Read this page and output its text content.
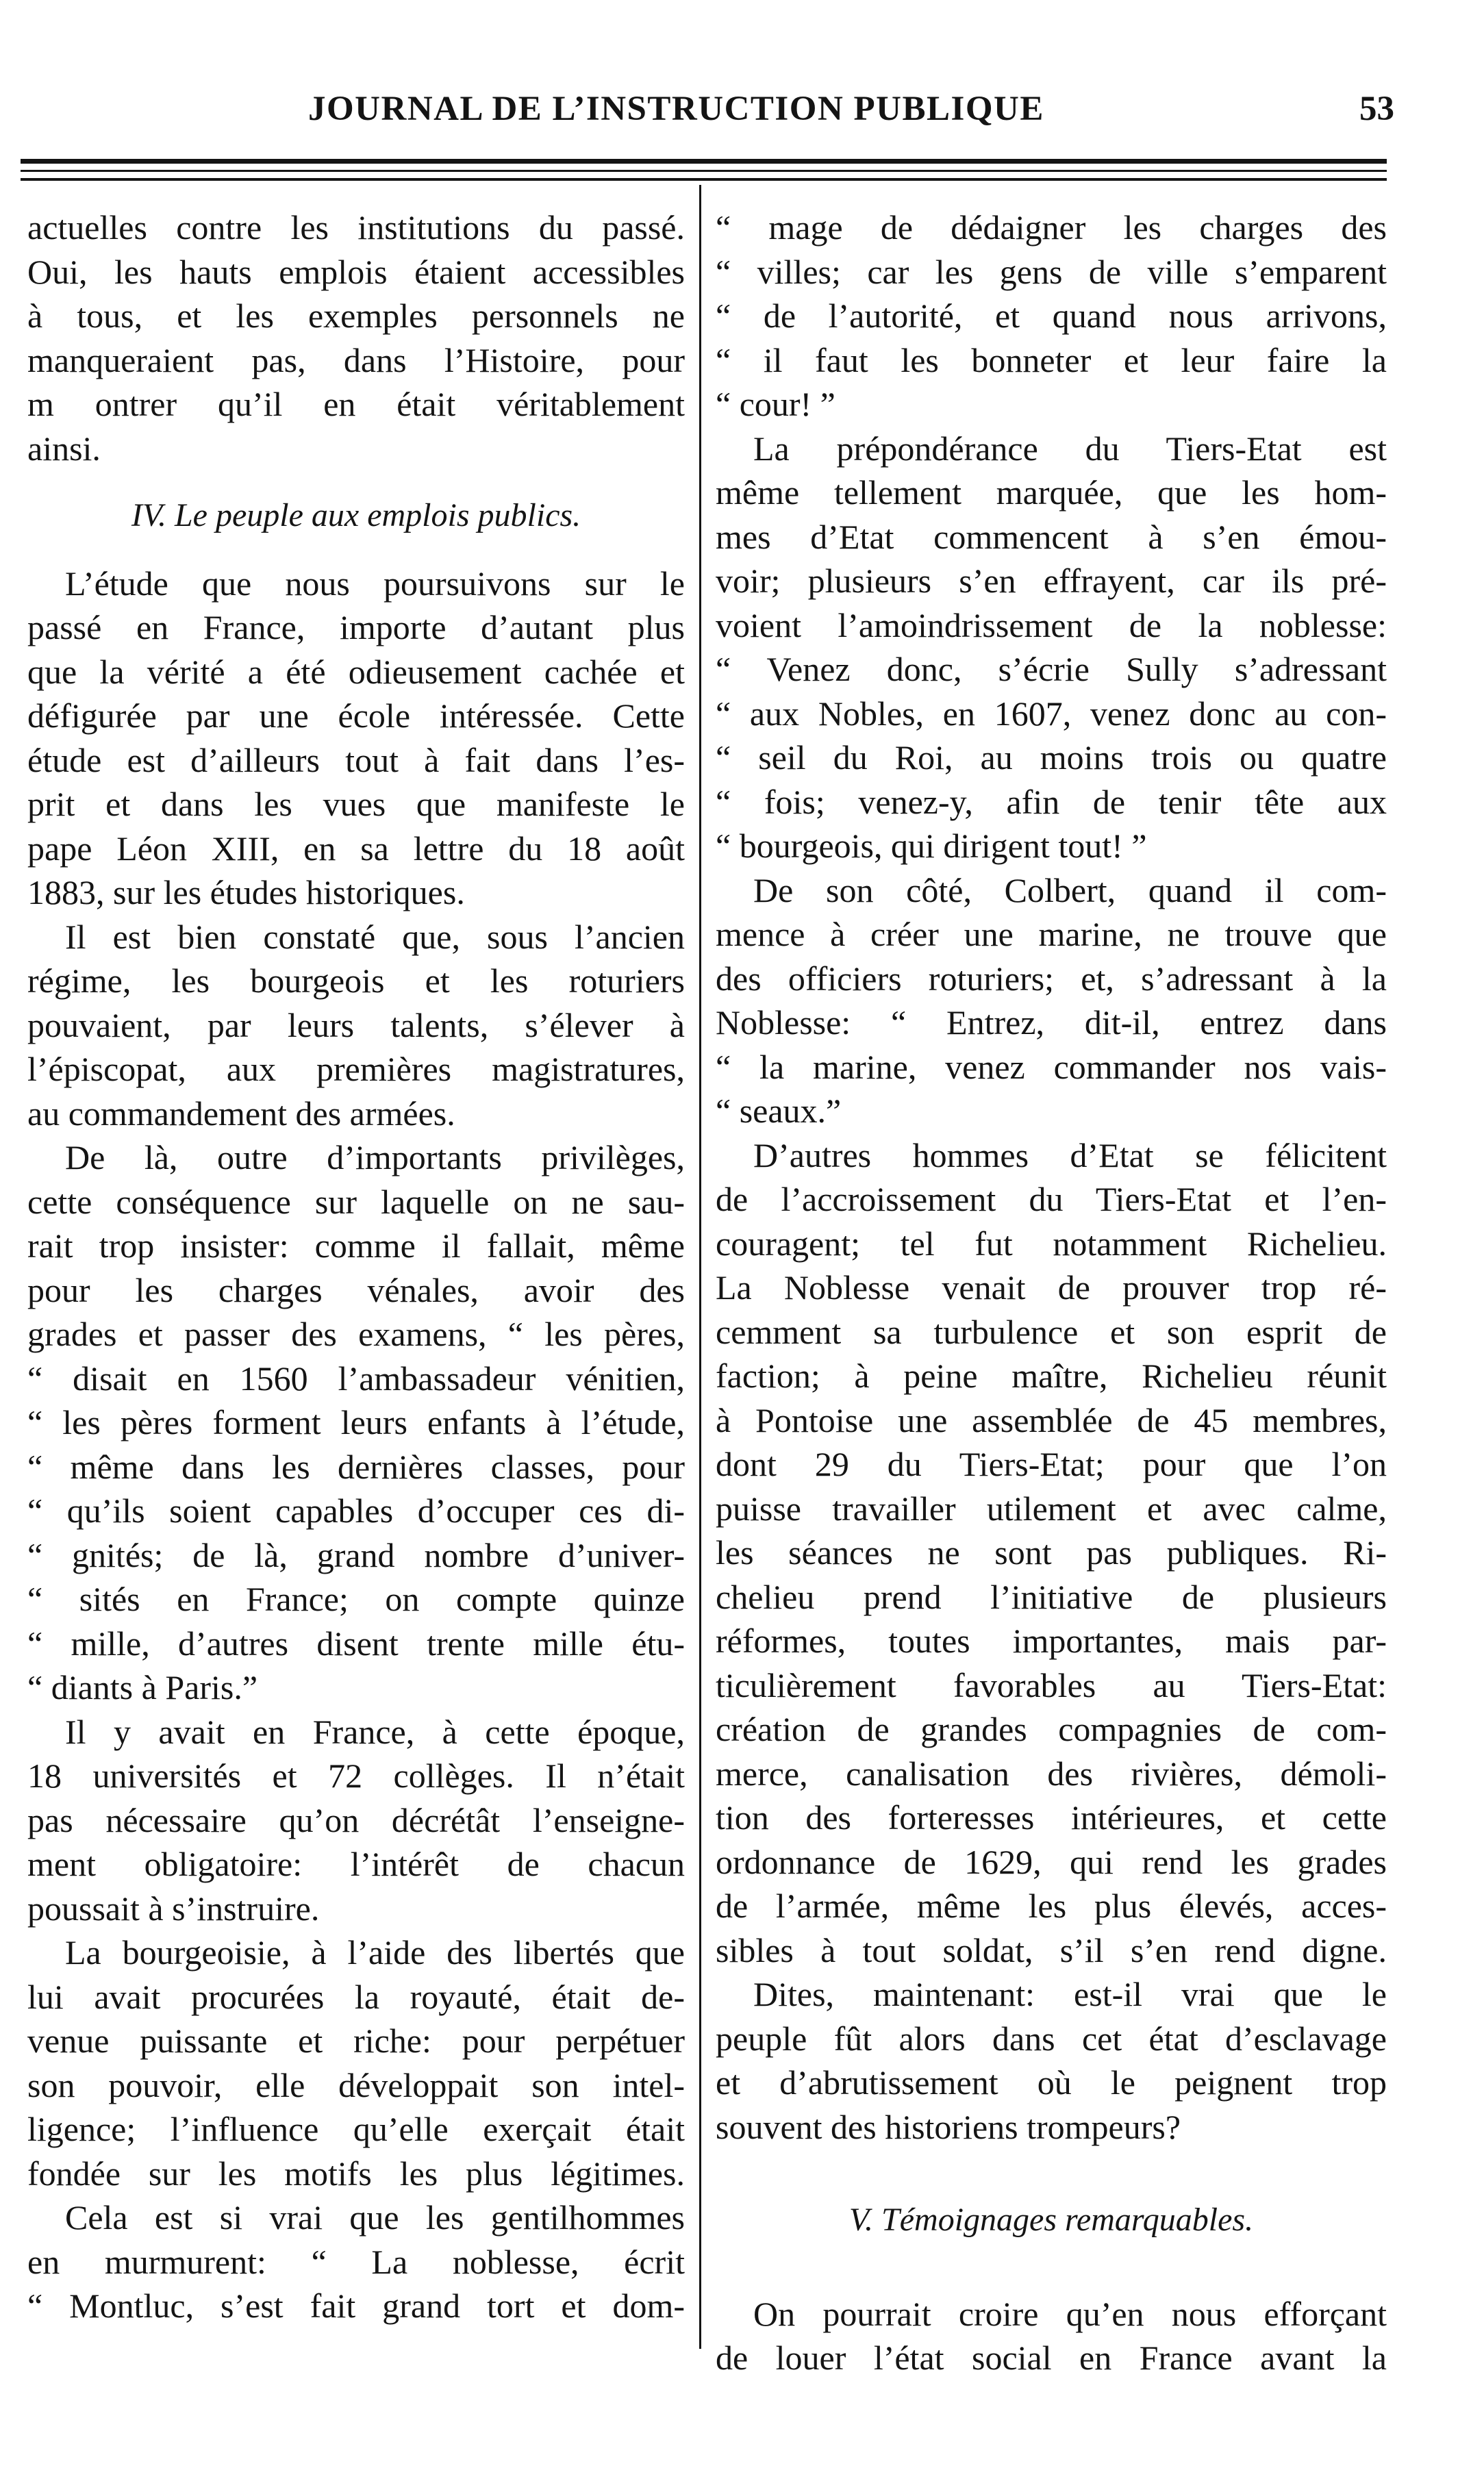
JOURNAL DE L’INSTRUCTION PUBLIQUE	53
actuelles contre les institutions du passé.
Oui, les hauts emplois étaient accessibles
à tous, et les exemples personnels ne
manqueraient pas, dans l’Histoire, pour
m ontrer qu’il en était véritablement
ainsi.
IV. Le peuple aux emplois publics.
L’étude que nous poursuivons sur le
passé en France, importe d’autant plus
que la vérité a été odieusement cachée et
défigurée par une école intéressée. Cette
étude est d’ailleurs tout à fait dans l’es-
prit et dans les vues que manifeste le
pape Léon XIII, en sa lettre du 18 août
1883, sur les études historiques.
Il est bien constaté que, sous l’ancien
régime, les bourgeois et les roturiers
pouvaient, par leurs talents, s’élever à
l’épiscopat, aux premières magistratures,
au commandement des armées.
De là, outre d’importants privilèges,
cette conséquence sur laquelle on ne sau-
rait trop insister: comme il fallait, même
pour les charges vénales, avoir des
grades et passer des examens, “ les pères,
“ disait en 1560 l’ambassadeur vénitien,
“ les pères forment leurs enfants à l’étude,
“ même dans les dernières classes, pour
“ qu’ils soient capables d’occuper ces di-
“ gnités; de là, grand nombre d’univer-
“ sités en France; on compte quinze
“ mille, d’autres disent trente mille étu-
“ diants à Paris.”
Il y avait en France, à cette époque,
18 universités et 72 collèges. Il n’était
pas nécessaire qu’on décrétât l’enseigne-
ment obligatoire: l’intérêt de chacun
poussait à s’instruire.
La bourgeoisie, à l’aide des libertés que
lui avait procurées la royauté, était de-
venue puissante et riche: pour perpétuer
son pouvoir, elle développait son intel-
ligence; l’influence qu’elle exerçait était
fondée sur les motifs les plus légitimes.
Cela est si vrai que les gentilhommes
en murmurent: “ La noblesse, écrit
“ Montluc, s’est fait grand tort et dom-
“ mage de dédaigner les charges des
“ villes; car les gens de ville s’emparent
“ de l’autorité, et quand nous arrivons,
“ il faut les bonneter et leur faire la
“ cour! ”
La prépondérance du Tiers-Etat est
même tellement marquée, que les hom-
mes d’Etat commencent à s’en émou-
voir; plusieurs s’en effrayent, car ils pré-
voient l’amoindrissement de la noblesse:
“ Venez donc, s’écrie Sully s’adressant
“ aux Nobles, en 1607, venez donc au con-
“ seil du Roi, au moins trois ou quatre
“ fois; venez-y, afin de tenir tête aux
“ bourgeois, qui dirigent tout! ”
De son côté, Colbert, quand il com-
mence à créer une marine, ne trouve que
des officiers roturiers; et, s’adressant à la
Noblesse: “ Entrez, dit-il, entrez dans
“ la marine, venez commander nos vais-
“ seaux.”
D’autres hommes d’Etat se félicitent
de l’accroissement du Tiers-Etat et l’en-
couragent; tel fut notamment Richelieu.
La Noblesse venait de prouver trop ré-
cemment sa turbulence et son esprit de
faction; à peine maître, Richelieu réunit
à Pontoise une assemblée de 45 membres,
dont 29 du Tiers-Etat; pour que l’on
puisse travailler utilement et avec calme,
les séances ne sont pas publiques. Ri-
chelieu prend l’initiative de plusieurs
réformes, toutes importantes, mais par-
ticulièrement favorables au Tiers-Etat:
création de grandes compagnies de com-
merce, canalisation des rivières, démoli-
tion des forteresses intérieures, et cette
ordonnance de 1629, qui rend les grades
de l’armée, même les plus élevés, acces-
sibles à tout soldat, s’il s’en rend digne.
Dites, maintenant: est-il vrai que le
peuple fût alors dans cet état d’esclavage
et d’abrutissement où le peignent trop
souvent des historiens trompeurs?
V. Témoignages remarquables.
On pourrait croire qu’en nous efforçant
de louer l’état social en France avant la
